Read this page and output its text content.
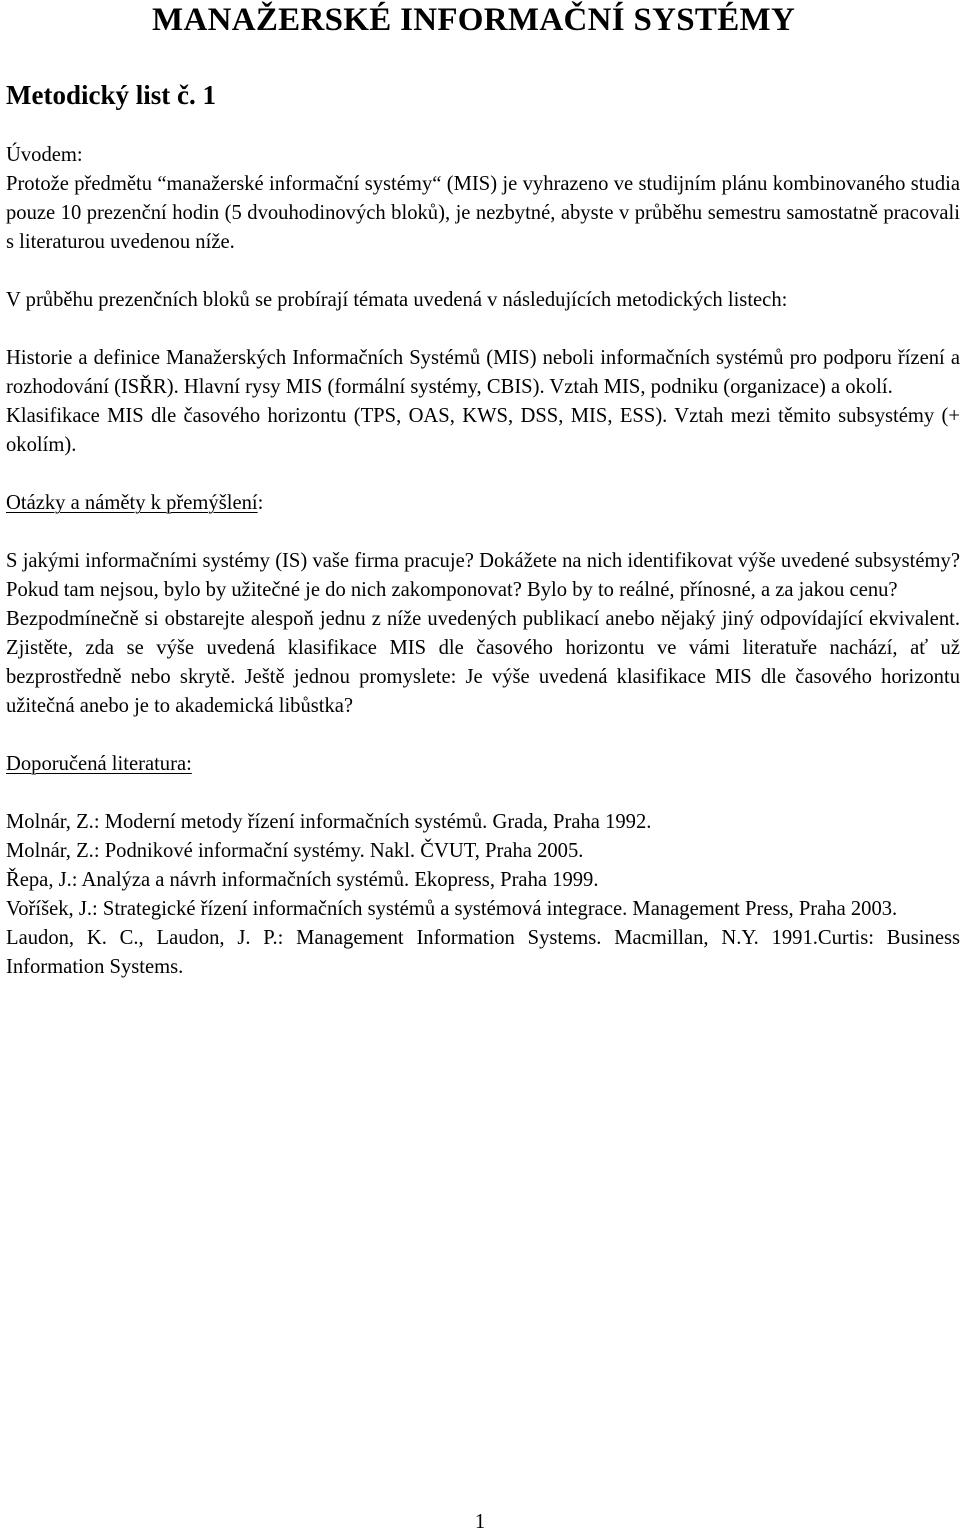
MANAŽERSKÉ INFORMAČNÍ SYSTÉMY
Metodický list č. 1

Úvodem:

Protože předmětu “manažerské informační systémy“ (MIS) je vyhrazeno ve studijním plánu kombinovaného studia pouze 10 prezenční hodin (5 dvouhodinových bloků), je nezbytné, abyste v průběhu semestru samostatně pracovali s literaturou uvedenou níže.

V průběhu prezenčních bloků se probírají témata uvedená v následujících metodických listech:

Historie a definice Manažerských Informačních Systémů (MIS) neboli informačních systémů pro podporu řízení a rozhodování (ISŘR). Hlavní rysy MIS (formální systémy, CBIS). Vztah MIS, podniku (organizace) a okolí.

Klasifikace MIS dle časového horizontu (TPS, OAS, KWS, DSS, MIS, ESS). Vztah mezi těmito subsystémy (+ okolím).

Otázky a náměty k přemýšlení:

S jakými informačními systémy (IS) vaše firma pracuje? Dokážete na nich identifikovat výše uvedené subsystémy? Pokud tam nejsou, bylo by užitečné je do nich zakomponovat? Bylo by to reálné, přínosné, a za jakou cenu?

Bezpodmínečně si obstarejte alespoň jednu z níže uvedených publikací anebo nějaký jiný odpovídající ekvivalent. Zjistěte, zda se výše uvedená klasifikace MIS dle časového horizontu ve vámi literatuře nachází, ať už bezprostředně nebo skrytě. Ještě jednou promyslete: Je výše uvedená klasifikace MIS dle časového horizontu užitečná anebo je to akademická libůstka?

Doporučená literatura:

Molnár, Z.: Moderní metody řízení informačních systémů. Grada, Praha 1992.

Molnár, Z.: Podnikové informační systémy. Nakl. ČVUT, Praha 2005.

Řepa, J.: Analýza a návrh informačních systémů. Ekopress, Praha 1999.

Voříšek, J.: Strategické řízení informačních systémů a systémová integrace. Management Press, Praha 2003.

Laudon, K. C., Laudon, J. P.: Management Information Systems. Macmillan, N.Y. 1991.Curtis: Business Information Systems.

1
